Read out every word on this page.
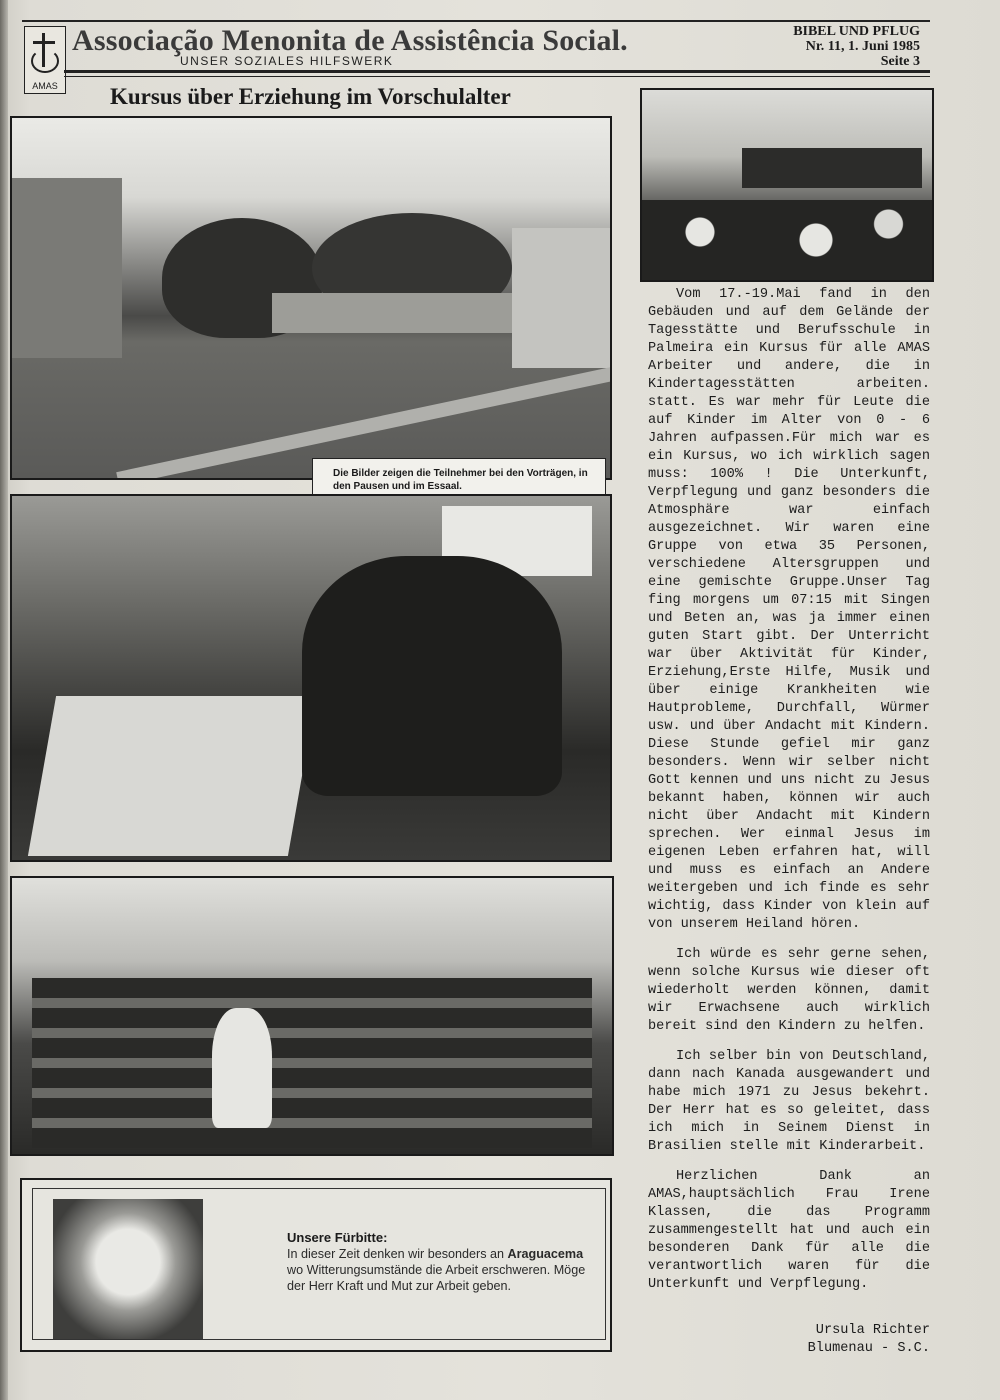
AMAS
Associação Menonita de Assistência Social.
UNSER SOZIALES HILFSWERK
BIBEL UND PFLUG
Nr. 11, 1. Juni 1985
Seite 3
Kursus über Erziehung im Vorschulalter
Die Bilder zeigen die Teilnehmer bei den Vorträgen, in den Pausen und im Essaal.

Vom 17.-19.Mai fand in den Gebäuden und auf dem Gelände der Tagesstätte und Berufsschule in Palmeira ein Kursus für alle AMAS Arbeiter und andere, die in Kindertagesstätten arbeiten. statt. Es war mehr für Leute die auf Kinder im Alter von 0 - 6 Jahren aufpassen.Für mich war es ein Kursus, wo ich wirklich sagen muss: 100% ! Die Unterkunft, Verpflegung und ganz besonders die Atmosphäre war einfach ausgezeichnet. Wir waren eine Gruppe von etwa 35 Personen, verschiedene Altersgruppen und eine gemischte Gruppe.Unser Tag fing morgens um 07:15 mit Singen und Beten an, was ja immer einen guten Start gibt. Der Unterricht war über Aktivität für Kinder, Erziehung,Erste Hilfe, Musik und über einige Krankheiten wie Hautprobleme, Durchfall, Würmer usw. und über Andacht mit Kindern. Diese Stunde gefiel mir ganz besonders. Wenn wir selber nicht Gott kennen und uns nicht zu Jesus bekannt haben, können wir auch nicht über Andacht mit Kindern sprechen. Wer einmal Jesus im eigenen Leben erfahren hat, will und muss es einfach an Andere weitergeben und ich finde es sehr wichtig, dass Kinder von klein auf von unserem Heiland hören.

Ich würde es sehr gerne sehen, wenn solche Kursus wie dieser oft wiederholt werden können, damit wir Erwachsene auch wirklich bereit sind den Kindern zu helfen.

Ich selber bin von Deutschland, dann nach Kanada ausgewandert und habe mich 1971 zu Jesus bekehrt. Der Herr hat es so geleitet, dass ich mich in Seinem Dienst in Brasilien stelle mit Kinderarbeit.

Herzlichen Dank an AMAS,hauptsächlich Frau Irene Klassen, die das Programm zusammengestellt hat und auch ein besonderen Dank für alle die verantwortlich waren für die Unterkunft und Verpflegung.

Ursula Richter
Blumenau - S.C.
Unsere Fürbitte:
In dieser Zeit denken wir besonders an Araguacema wo Witterungsumstände die Arbeit erschweren. Möge der Herr Kraft und Mut zur Arbeit geben.
